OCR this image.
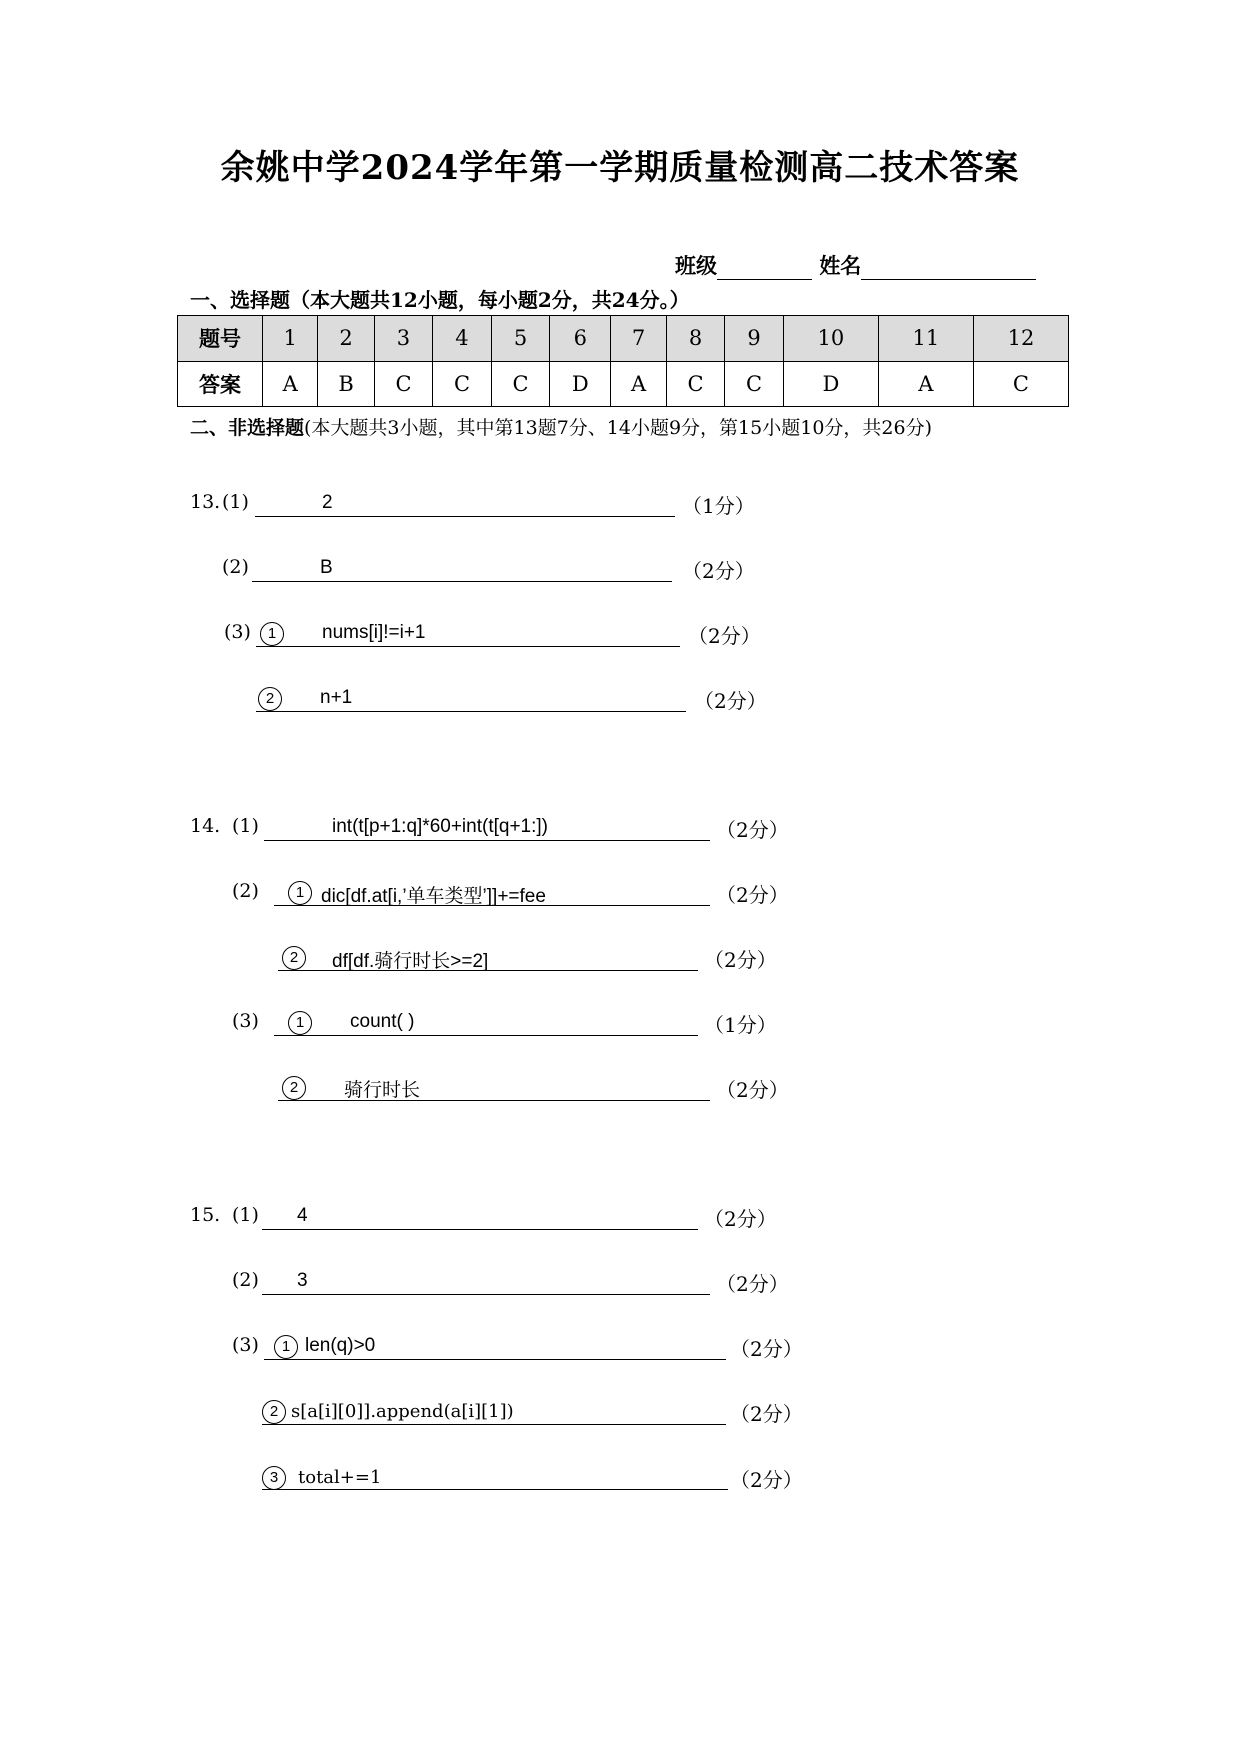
余姚中学2024学年第一学期质量检测高二技术答案
班级	姓名
一、选择题（本大题共12小题，每小题2分，共24分。）
题号	1	2	3	4	5	6	7	8	9	10	11	12
答案	A	B	C	C	C	D	A	C	C	D	A	C
二、非选择题(本大题共3小题，其中第13题7分、14小题9分，第15小题10分，共26分)
13. (1)	2	（1分）
(2)	B	（2分）
(3)	1	nums[i]!=i+1	（2分）
2	n+1	（2分）
14. (1)	int(t[p+1:q]*60+int(t[q+1:])	（2分）
(2)	1 dic[df.at[i,’单车类型’]]+=fee	（2分）
2	df[df.骑行时长>=2]	（2分）
(3)	1	count( )	（1分）
2	骑行时长	（2分）
15. (1) 4	（2分）
(2) 3	（2分）
(3)	1 len(q)>0	（2分）
2 s[a[i][0]].append(a[i][1])	（2分）
3	total+=1	（2分）
